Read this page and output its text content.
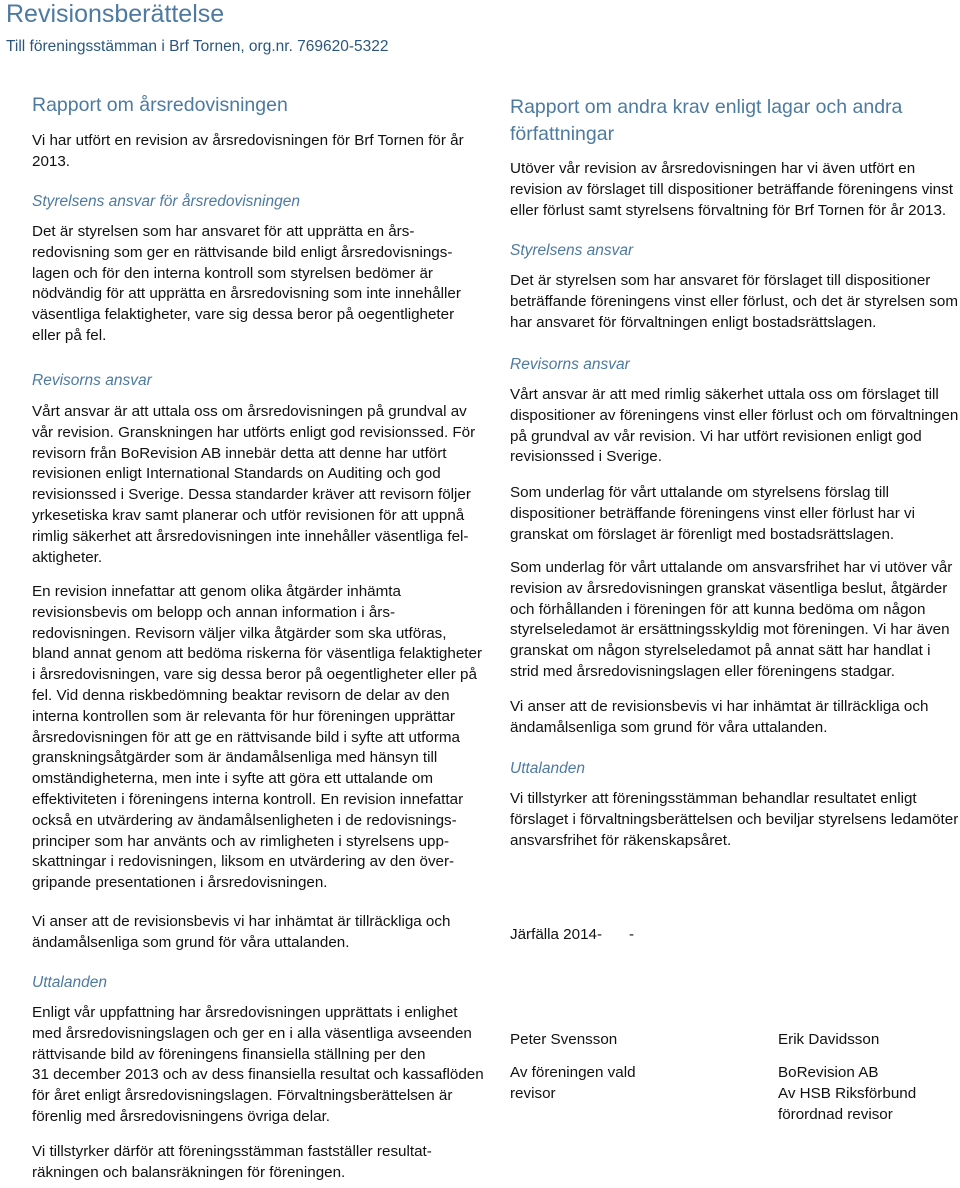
Revisionsberättelse
Till föreningsstämman i Brf Tornen, org.nr. 769620-5322
Rapport om årsredovisningen
Vi har utfört en revision av årsredovisningen för Brf Tornen för år
2013.
Styrelsens ansvar för årsredovisningen
Det är styrelsen som har ansvaret för att upprätta en års-
redovisning som ger en rättvisande bild enligt årsredovisnings-
lagen och för den interna kontroll som styrelsen bedömer är
nödvändig för att upprätta en årsredovisning som inte innehåller
väsentliga felaktigheter, vare sig dessa beror på oegentligheter
eller på fel.
Revisorns ansvar
Vårt ansvar är att uttala oss om årsredovisningen på grundval av
vår revision. Granskningen har utförts enligt god revisionssed. För
revisorn från BoRevision AB innebär detta att denne har utfört
revisionen enligt International Standards on Auditing och god
revisionssed i Sverige. Dessa standarder kräver att revisorn följer
yrkesetiska krav samt planerar och utför revisionen för att uppnå
rimlig säkerhet att årsredovisningen inte innehåller väsentliga fel-
aktigheter.
En revision innefattar att genom olika åtgärder inhämta
revisionsbevis om belopp och annan information i års-
redovisningen. Revisorn väljer vilka åtgärder som ska utföras,
bland annat genom att bedöma riskerna för väsentliga felaktigheter
i årsredovisningen, vare sig dessa beror på oegentligheter eller på
fel. Vid denna riskbedömning beaktar revisorn de delar av den
interna kontrollen som är relevanta för hur föreningen upprättar
årsredovisningen för att ge en rättvisande bild i syfte att utforma
granskningsåtgärder som är ändamålsenliga med hänsyn till
omständigheterna, men inte i syfte att göra ett uttalande om
effektiviteten i föreningens interna kontroll. En revision innefattar
också en utvärdering av ändamålsenligheten i de redovisnings-
principer som har använts och av rimligheten i styrelsens upp-
skattningar i redovisningen, liksom en utvärdering av den över-
gripande presentationen i årsredovisningen.
Vi anser att de revisionsbevis vi har inhämtat är tillräckliga och
ändamålsenliga som grund för våra uttalanden.
Uttalanden
Enligt vår uppfattning har årsredovisningen upprättats i enlighet
med årsredovisningslagen och ger en i alla väsentliga avseenden
rättvisande bild av föreningens finansiella ställning per den
31 december 2013 och av dess finansiella resultat och kassaflöden
för året enligt årsredovisningslagen. Förvaltningsberättelsen är
förenlig med årsredovisningens övriga delar.
Vi tillstyrker därför att föreningsstämman fastställer resultat-
räkningen och balansräkningen för föreningen.
Rapport om andra krav enligt lagar och andra
författningar
Utöver vår revision av årsredovisningen har vi även utfört en
revision av förslaget till dispositioner beträffande föreningens vinst
eller förlust samt styrelsens förvaltning för Brf Tornen för år 2013.
Styrelsens ansvar
Det är styrelsen som har ansvaret för förslaget till dispositioner
beträffande föreningens vinst eller förlust, och det är styrelsen som
har ansvaret för förvaltningen enligt bostadsrättslagen.
Revisorns ansvar
Vårt ansvar är att med rimlig säkerhet uttala oss om förslaget till
dispositioner av föreningens vinst eller förlust och om förvaltningen
på grundval av vår revision. Vi har utfört revisionen enligt god
revisionssed i Sverige.
Som underlag för vårt uttalande om styrelsens förslag till
dispositioner beträffande föreningens vinst eller förlust har vi
granskat om förslaget är förenligt med bostadsrättslagen.
Som underlag för vårt uttalande om ansvarsfrihet har vi utöver vår
revision av årsredovisningen granskat väsentliga beslut, åtgärder
och förhållanden i föreningen för att kunna bedöma om någon
styrelseledamot är ersättningsskyldig mot föreningen. Vi har även
granskat om någon styrelseledamot på annat sätt har handlat i
strid med årsredovisningslagen eller föreningens stadgar.
Vi anser att de revisionsbevis vi har inhämtat är tillräckliga och
ändamålsenliga som grund för våra uttalanden.
Uttalanden
Vi tillstyrker att föreningsstämman behandlar resultatet enligt
förslaget i förvaltningsberättelsen och beviljar styrelsens ledamöter
ansvarsfrihet för räkenskapsåret.
Järfälla 2014- -
Peter Svensson
Av föreningen vald
revisor
Erik Davidsson
BoRevision AB
Av HSB Riksförbund
förordnad revisor
